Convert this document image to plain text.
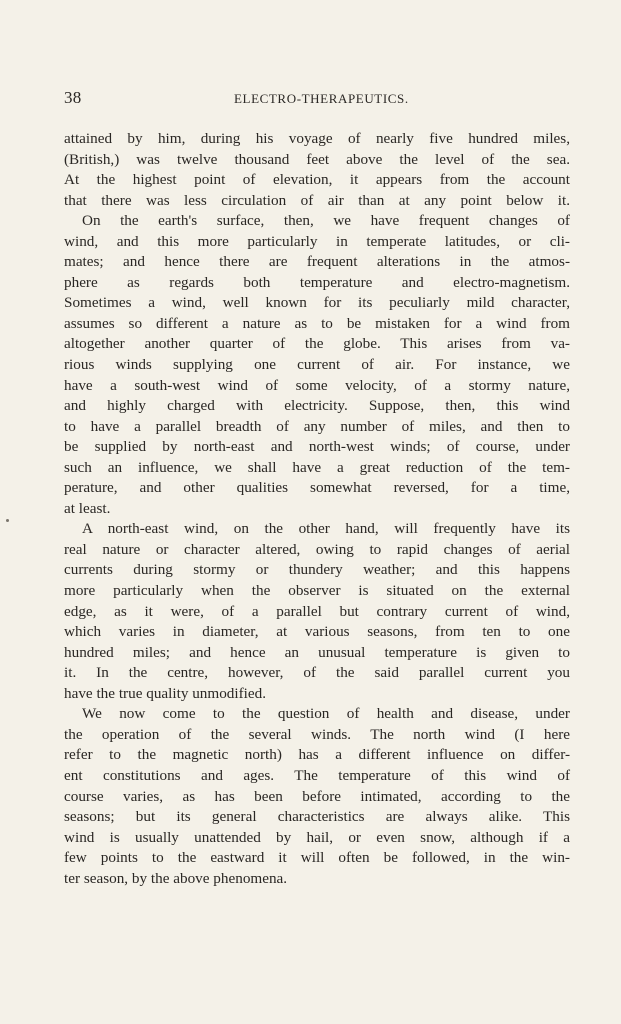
38	ELECTRO-THERAPEUTICS.
attained by him, during his voyage of nearly five hundred miles,
(British,) was twelve thousand feet above the level of the sea.
At the highest point of elevation, it appears from the account
that there was less circulation of air than at any point below it.
On the earth's surface, then, we have frequent changes of
wind, and this more particularly in temperate latitudes, or cli-
mates; and hence there are frequent alterations in the atmos-
phere as regards both temperature and electro-magnetism.
Sometimes a wind, well known for its peculiarly mild character,
assumes so different a nature as to be mistaken for a wind from
altogether another quarter of the globe. This arises from va-
rious winds supplying one current of air. For instance, we
have a south-west wind of some velocity, of a stormy nature,
and highly charged with electricity. Suppose, then, this wind
to have a parallel breadth of any number of miles, and then to
be supplied by north-east and north-west winds; of course, under
such an influence, we shall have a great reduction of the tem-
perature, and other qualities somewhat reversed, for a time,
at least.
A north-east wind, on the other hand, will frequently have its
real nature or character altered, owing to rapid changes of aerial
currents during stormy or thundery weather; and this happens
more particularly when the observer is situated on the external
edge, as it were, of a parallel but contrary current of wind,
which varies in diameter, at various seasons, from ten to one
hundred miles; and hence an unusual temperature is given to
it. In the centre, however, of the said parallel current you
have the true quality unmodified.
We now come to the question of health and disease, under
the operation of the several winds. The north wind (I here
refer to the magnetic north) has a different influence on differ-
ent constitutions and ages. The temperature of this wind of
course varies, as has been before intimated, according to the
seasons; but its general characteristics are always alike. This
wind is usually unattended by hail, or even snow, although if a
few points to the eastward it will often be followed, in the win-
ter season, by the above phenomena.
